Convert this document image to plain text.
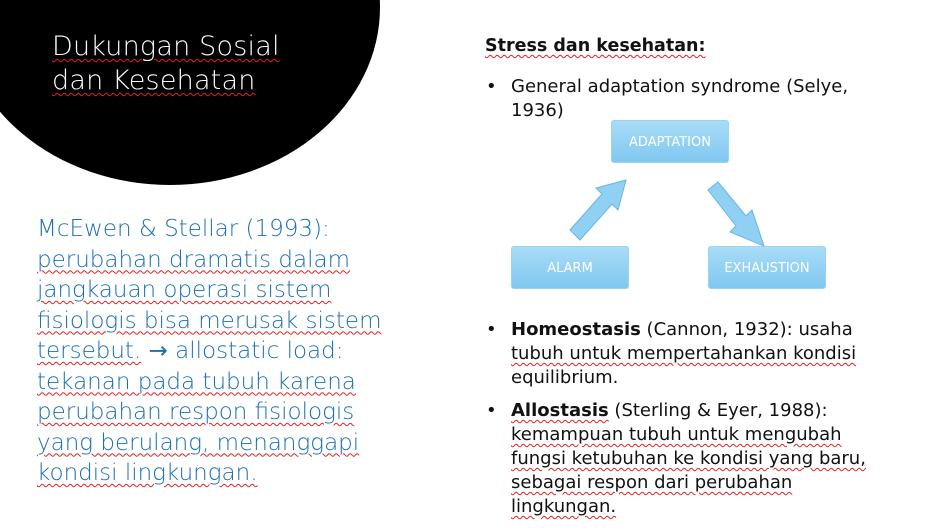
Dukungan Sosial
dan Kesehatan
McEwen & Stellar (1993):
perubahan dramatis dalam
jangkauan operasi sistem
fisiologis bisa merusak sistem
tersebut. → allostatic load:
tekanan pada tubuh karena
perubahan respon fisiologis
yang berulang, menanggapi
kondisi lingkungan.
Stress dan kesehatan:
• General adaptation syndrome (Selye,
1936)
ADAPTATION
ALARM	EXHAUSTION
• Homeostasis (Cannon, 1932): usaha
tubuh untuk mempertahankan kondisi
equilibrium.
• Allostasis (Sterling & Eyer, 1988):
kemampuan tubuh untuk mengubah
fungsi ketubuhan ke kondisi yang baru,
sebagai respon dari perubahan
lingkungan.
